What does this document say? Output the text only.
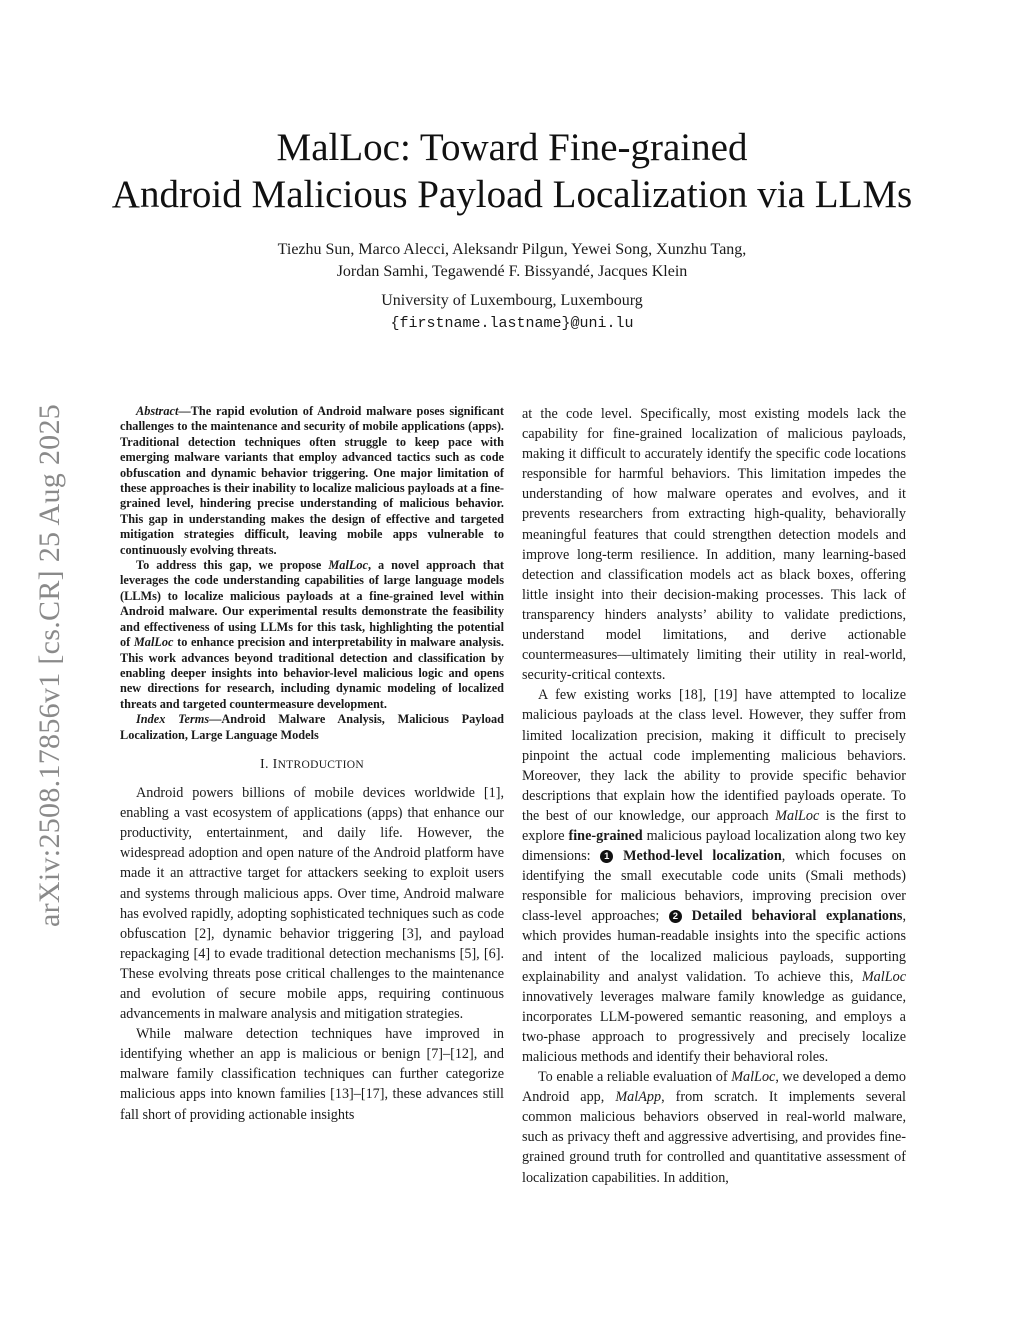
arXiv:2508.17856v1 [cs.CR] 25 Aug 2025
MalLoc: Toward Fine-grained
Android Malicious Payload Localization via LLMs
Tiezhu Sun, Marco Alecci, Aleksandr Pilgun, Yewei Song, Xunzhu Tang,
Jordan Samhi, Tegawendé F. Bissyandé, Jacques Klein
University of Luxembourg, Luxembourg
{firstname.lastname}@uni.lu

Abstract—The rapid evolution of Android malware poses significant challenges to the maintenance and security of mobile applications (apps). Traditional detection techniques often struggle to keep pace with emerging malware variants that employ advanced tactics such as code obfuscation and dynamic behavior triggering. One major limitation of these approaches is their inability to localize malicious payloads at a fine-grained level, hindering precise understanding of malicious behavior. This gap in understanding makes the design of effective and targeted mitigation strategies difficult, leaving mobile apps vulnerable to continuously evolving threats.

To address this gap, we propose MalLoc, a novel approach that leverages the code understanding capabilities of large language models (LLMs) to localize malicious payloads at a fine-grained level within Android malware. Our experimental results demonstrate the feasibility and effectiveness of using LLMs for this task, highlighting the potential of MalLoc to enhance precision and interpretability in malware analysis. This work advances beyond traditional detection and classification by enabling deeper insights into behavior-level malicious logic and opens new directions for research, including dynamic modeling of localized threats and targeted countermeasure development.

Index Terms—Android Malware Analysis, Malicious Payload Localization, Large Language Models

I. INTRODUCTION

Android powers billions of mobile devices worldwide [1], enabling a vast ecosystem of applications (apps) that enhance our productivity, entertainment, and daily life. However, the widespread adoption and open nature of the Android platform have made it an attractive target for attackers seeking to exploit users and systems through malicious apps. Over time, Android malware has evolved rapidly, adopting sophisticated techniques such as code obfuscation [2], dynamic behavior triggering [3], and payload repackaging [4] to evade traditional detection mechanisms [5], [6]. These evolving threats pose critical challenges to the maintenance and evolution of secure mobile apps, requiring continuous advancements in malware analysis and mitigation strategies.

While malware detection techniques have improved in identifying whether an app is malicious or benign [7]–[12], and malware family classification techniques can further categorize malicious apps into known families [13]–[17], these advances still fall short of providing actionable insights

at the code level. Specifically, most existing models lack the capability for fine-grained localization of malicious payloads, making it difficult to accurately identify the specific code locations responsible for harmful behaviors. This limitation impedes the understanding of how malware operates and evolves, and it prevents researchers from extracting high-quality, behaviorally meaningful features that could strengthen detection models and improve long-term resilience. In addition, many learning-based detection and classification models act as black boxes, offering little insight into their decision-making processes. This lack of transparency hinders analysts’ ability to validate predictions, understand model limitations, and derive actionable countermeasures—ultimately limiting their utility in real-world, security-critical contexts.

A few existing works [18], [19] have attempted to localize malicious payloads at the class level. However, they suffer from limited localization precision, making it difficult to precisely pinpoint the actual code implementing malicious behaviors. Moreover, they lack the ability to provide specific behavior descriptions that explain how the identified payloads operate. To the best of our knowledge, our approach MalLoc is the first to explore fine-grained malicious payload localization along two key dimensions: 1 Method-level localization, which focuses on identifying the small executable code units (Smali methods) responsible for malicious behaviors, improving precision over class-level approaches; 2 Detailed behavioral explanations, which provides human-readable insights into the specific actions and intent of the localized malicious payloads, supporting explainability and analyst validation. To achieve this, MalLoc innovatively leverages malware family knowledge as guidance, incorporates LLM-powered semantic reasoning, and employs a two-phase approach to progressively and precisely localize malicious methods and identify their behavioral roles.

To enable a reliable evaluation of MalLoc, we developed a demo Android app, MalApp, from scratch. It implements several common malicious behaviors observed in real-world malware, such as privacy theft and aggressive advertising, and provides fine-grained ground truth for controlled and quantitative assessment of localization capabilities. In addition,
